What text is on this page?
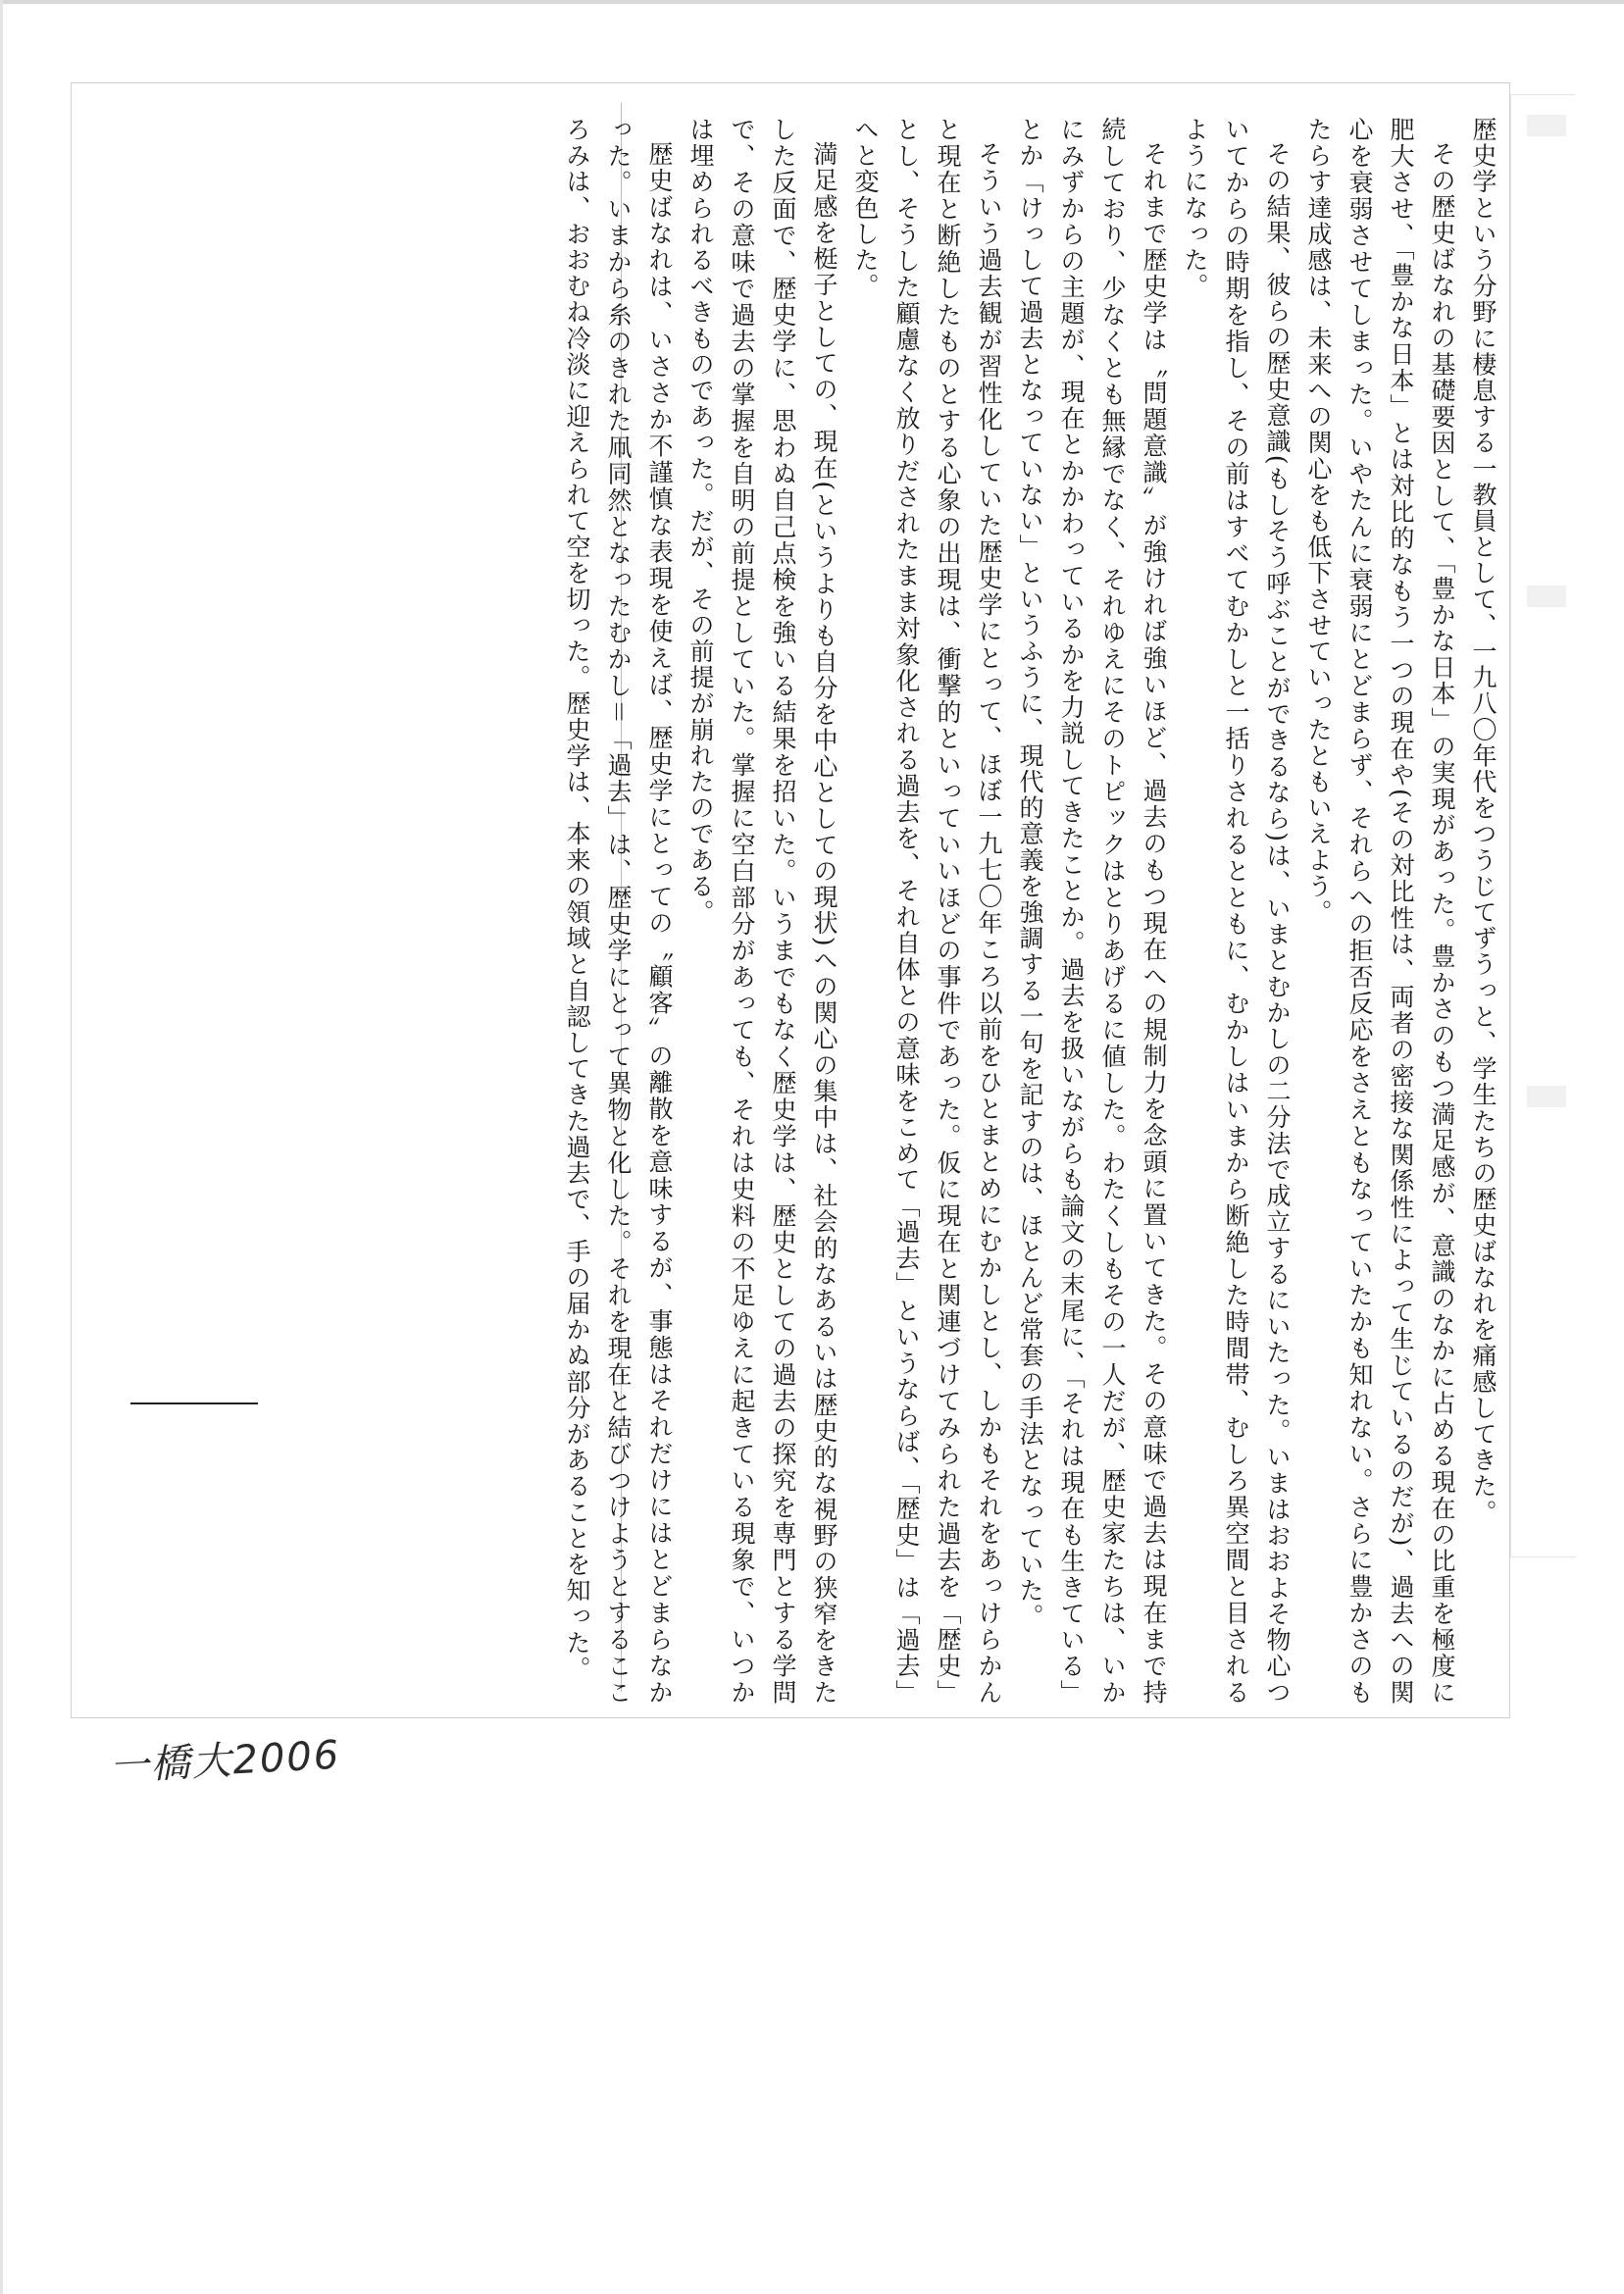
歴史学という分野に棲息する一教員として、一九八〇年代をつうじてずうっと、学生たちの歴史ばなれを痛感してきた。

その歴史ばなれの基礎要因として、「豊かな日本」の実現があった。豊かさのもつ満足感が、意識のなかに占める現在の比重を極度に肥大させ、「豊かな日本」とは対比的なもう一つの現在や(その対比性は、両者の密接な関係性によって生じているのだが)、過去への関心を衰弱させてしまった。いやたんに衰弱にとどまらず、それらへの拒否反応をさえともなっていたかも知れない。さらに豊かさのもたらす達成感は、未来への関心をも低下させていったともいえよう。

その結果、彼らの歴史意識(もしそう呼ぶことができるなら)は、いまとむかしの二分法で成立するにいたった。いまはおおよそ物心ついてからの時期を指し、その前はすべてむかしと一括りされるとともに、むかしはいまから断絶した時間帯、むしろ異空間と目されるようになった。

それまで歴史学は〝問題意識〟が強ければ強いほど、過去のもつ現在への規制力を念頭に置いてきた。その意味で過去は現在まで持続しており、少なくとも無縁でなく、それゆえにそのトピックはとりあげるに値した。わたくしもその一人だが、歴史家たちは、いかにみずからの主題が、現在とかかわっているかを力説してきたことか。過去を扱いながらも論文の末尾に、「それは現在も生きている」とか「けっして過去となっていない」というふうに、現代的意義を強調する一句を記すのは、ほとんど常套の手法となっていた。

そういう過去観が習性化していた歴史学にとって、ほぼ一九七〇年ころ以前をひとまとめにむかしとし、しかもそれをあっけらかんと現在と断絶したものとする心象の出現は、衝撃的といっていいほどの事件であった。仮に現在と関連づけてみられた過去を「歴史」とし、そうした顧慮なく放りだされたまま対象化される過去を、それ自体との意味をこめて「過去」というならば、「歴史」は「過去」へと変色した。

満足感を梃子としての、現在(というよりも自分を中心としての現状)への関心の集中は、社会的なあるいは歴史的な視野の狭窄をきたした反面で、歴史学に、思わぬ自己点検を強いる結果を招いた。いうまでもなく歴史学は、歴史としての過去の探究を専門とする学問で、その意味で過去の掌握を自明の前提としていた。掌握に空白部分があっても、それは史料の不足ゆえに起きている現象で、いつかは埋められるべきものであった。だが、その前提が崩れたのである。

歴史ばなれは、いささか不謹慎な表現を使えば、歴史学にとっての〝顧客〟の離散を意味するが、事態はそれだけにはとどまらなかった。いまから糸のきれた凧同然となったむかし＝「過去」は、歴史学にとって異物と化した。それを現在と結びつけようとするこころみは、おおむね冷淡に迎えられて空を切った。歴史学は、本来の領域と自認してきた過去で、手の届かぬ部分があることを知った。

一橋大2006
